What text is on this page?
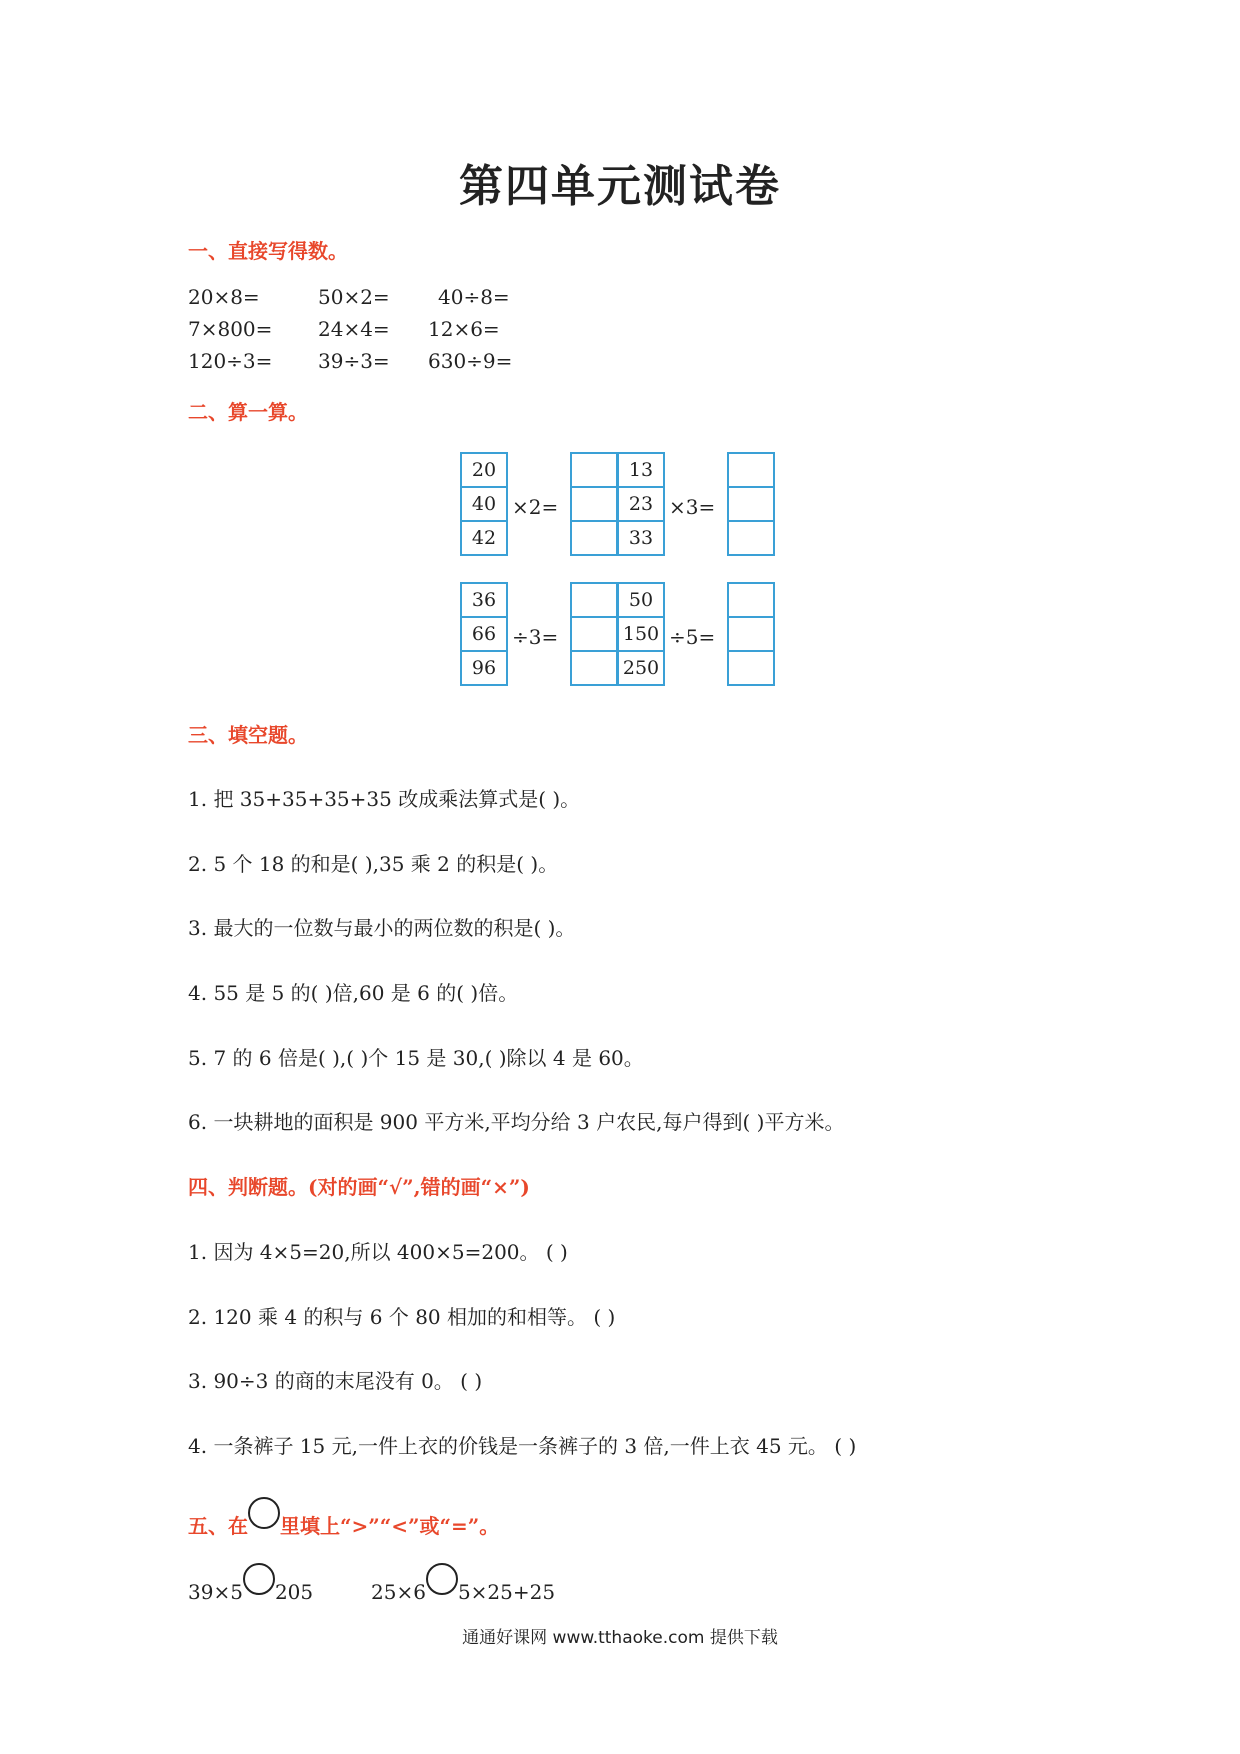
第四单元测试卷
一、直接写得数。
20×8=	50×2= 40÷8=
7×800= 24×4= 12×6=
120÷3= 39÷3= 630÷9=
二、算一算。
20
40
42
×2=
13
23
33
×3=
36
66
96
÷3=
50
150
250
÷5=
三、填空题。
1. 把 35+35+35+35 改成乘法算式是( )。
2. 5 个 18 的和是( ),35 乘 2 的积是( )。
3. 最大的一位数与最小的两位数的积是( )。
4. 55 是 5 的( )倍,60 是 6 的( )倍。
5. 7 的 6 倍是( ),( )个 15 是 30,( )除以 4 是 60。
6. 一块耕地的面积是 900 平方米,平均分给 3 户农民,每户得到( )平方米。
四、判断题。(对的画“√”,错的画“×”)
1. 因为 4×5=20,所以 400×5=200。 ( )
2. 120 乘 4 的积与 6 个 80 相加的和相等。 ( )
3. 90÷3 的商的末尾没有 0。 ( )
4. 一条裤子 15 元,一件上衣的价钱是一条裤子的 3 倍,一件上衣 45 元。 ( )
五、在 里填上“>”“<”或“=”。
39×5 205	25×6 5×25+25
通通好课网 www.tthaoke.com 提供下载
